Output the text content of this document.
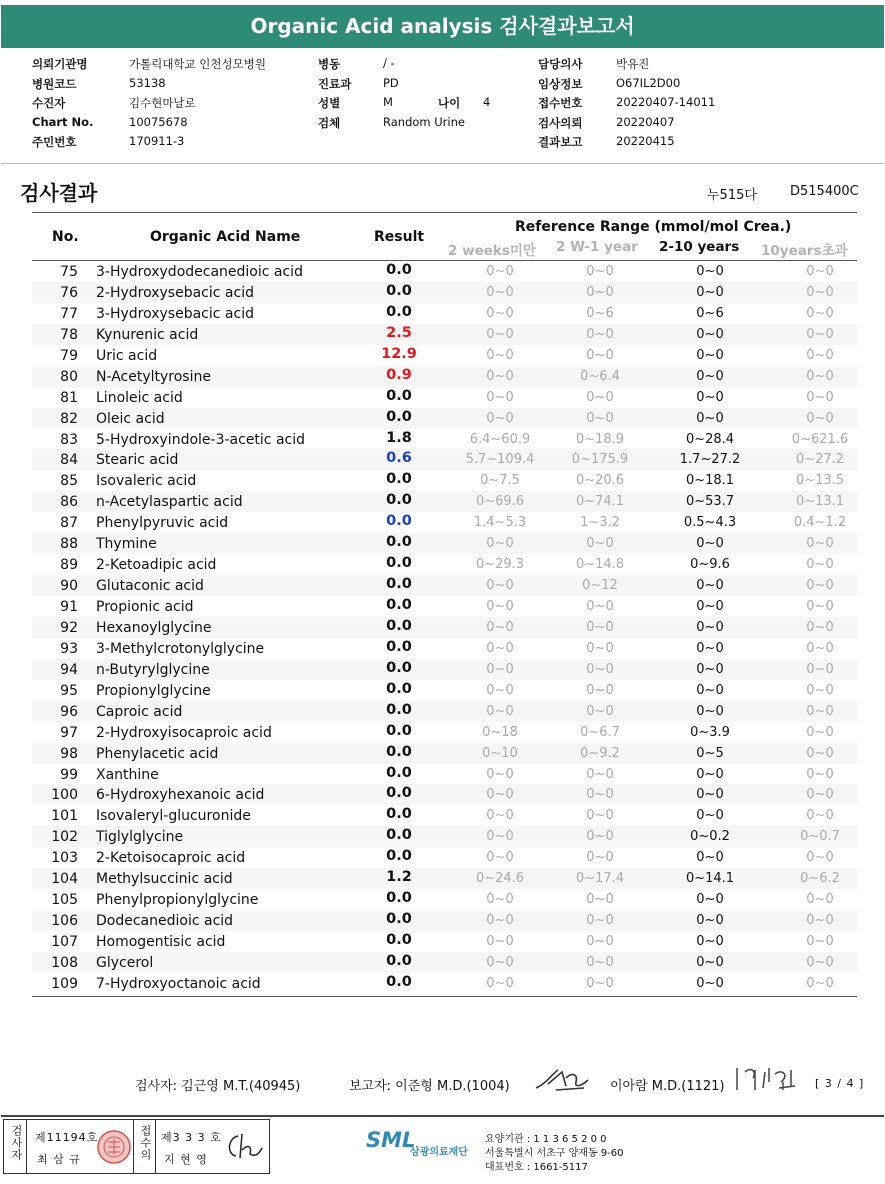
Organic Acid analysis 검사결과보고서
의뢰기관명	가톨릭대학교 인천성모병원
병원코드	53138
수진자	김수현마날로
Chart No.	10075678
주민번호	170911-3
병동	/ -
진료과	PD
성별	M	나이 4
검체	Random Urine
담당의사	박유진
임상정보	O67IL2D00
접수번호	20220407-14011
검사의뢰	20220407
결과보고	20220415
검사결과	누515다	D515400C
No.	Organic Acid Name	Result
Reference Range (mmol/mol Crea.)
2 weeks미만 2 W-1 year 2-10 years 10years초과
75 3-Hydroxydodecanedioic acid	0.0	0~0	0~0	0~0	0~0
76 2-Hydroxysebacic acid	0.0	0~0	0~0	0~0	0~0
77 3-Hydroxysebacic acid	0.0	0~0	0~6	0~6	0~0
78 Kynurenic acid	2.5	0~0	0~0	0~0	0~0
79 Uric acid	12.9	0~0	0~0	0~0	0~0
80 N-Acetyltyrosine	0.9	0~0	0~6.4	0~0	0~0
81 Linoleic acid	0.0	0~0	0~0	0~0	0~0
82 Oleic acid	0.0	0~0	0~0	0~0	0~0
83 5-Hydroxyindole-3-acetic acid	1.8	6.4~60.9	0~18.9	0~28.4	0~621.6
84 Stearic acid	0.6	5.7~109.4	0~175.9	1.7~27.2	0~27.2
85 Isovaleric acid	0.0	0~7.5	0~20.6	0~18.1	0~13.5
86 n-Acetylaspartic acid	0.0	0~69.6	0~74.1	0~53.7	0~13.1
87 Phenylpyruvic acid	0.0	1.4~5.3	1~3.2	0.5~4.3	0.4~1.2
88 Thymine	0.0	0~0	0~0	0~0	0~0
89 2-Ketoadipic acid	0.0	0~29.3	0~14.8	0~9.6	0~0
90 Glutaconic acid	0.0	0~0	0~12	0~0	0~0
91 Propionic acid	0.0	0~0	0~0	0~0	0~0
92 Hexanoylglycine	0.0	0~0	0~0	0~0	0~0
93 3-Methylcrotonylglycine	0.0	0~0	0~0	0~0	0~0
94 n-Butyrylglycine	0.0	0~0	0~0	0~0	0~0
95 Propionylglycine	0.0	0~0	0~0	0~0	0~0
96 Caproic acid	0.0	0~0	0~0	0~0	0~0
97 2-Hydroxyisocaproic acid	0.0	0~18	0~6.7	0~3.9	0~0
98 Phenylacetic acid	0.0	0~10	0~9.2	0~5	0~0
99 Xanthine	0.0	0~0	0~0	0~0	0~0
100 6-Hydroxyhexanoic acid	0.0	0~0	0~0	0~0	0~0
101 Isovaleryl-glucuronide	0.0	0~0	0~0	0~0	0~0
102 Tiglylglycine	0.0	0~0	0~0	0~0.2	0~0.7
103 2-Ketoisocaproic acid	0.0	0~0	0~0	0~0	0~0
104 Methylsuccinic acid	1.2	0~24.6	0~17.4	0~14.1	0~6.2
105 Phenylpropionylglycine	0.0	0~0	0~0	0~0	0~0
106 Dodecanedioic acid	0.0	0~0	0~0	0~0	0~0
107 Homogentisic acid	0.0	0~0	0~0	0~0	0~0
108 Glycerol	0.0	0~0	0~0	0~0	0~0
109 7-Hydroxyoctanoic acid	0.0	0~0	0~0	0~0	0~0
검사자: 김근영 M.T.(40945)	보고자: 이준형 M.D.(1004)	이아람 M.D.(1121)	[ 3 / 4 ]
검사자 제11194호
최 삼 규	접수의 제3 3 3 호
지 현 영
SML
삼광의료재단
요양기관 : 1 1 3 6 5 2 0 0
서울특별시 서초구 양재동 9-60
대표번호 : 1661-5117
